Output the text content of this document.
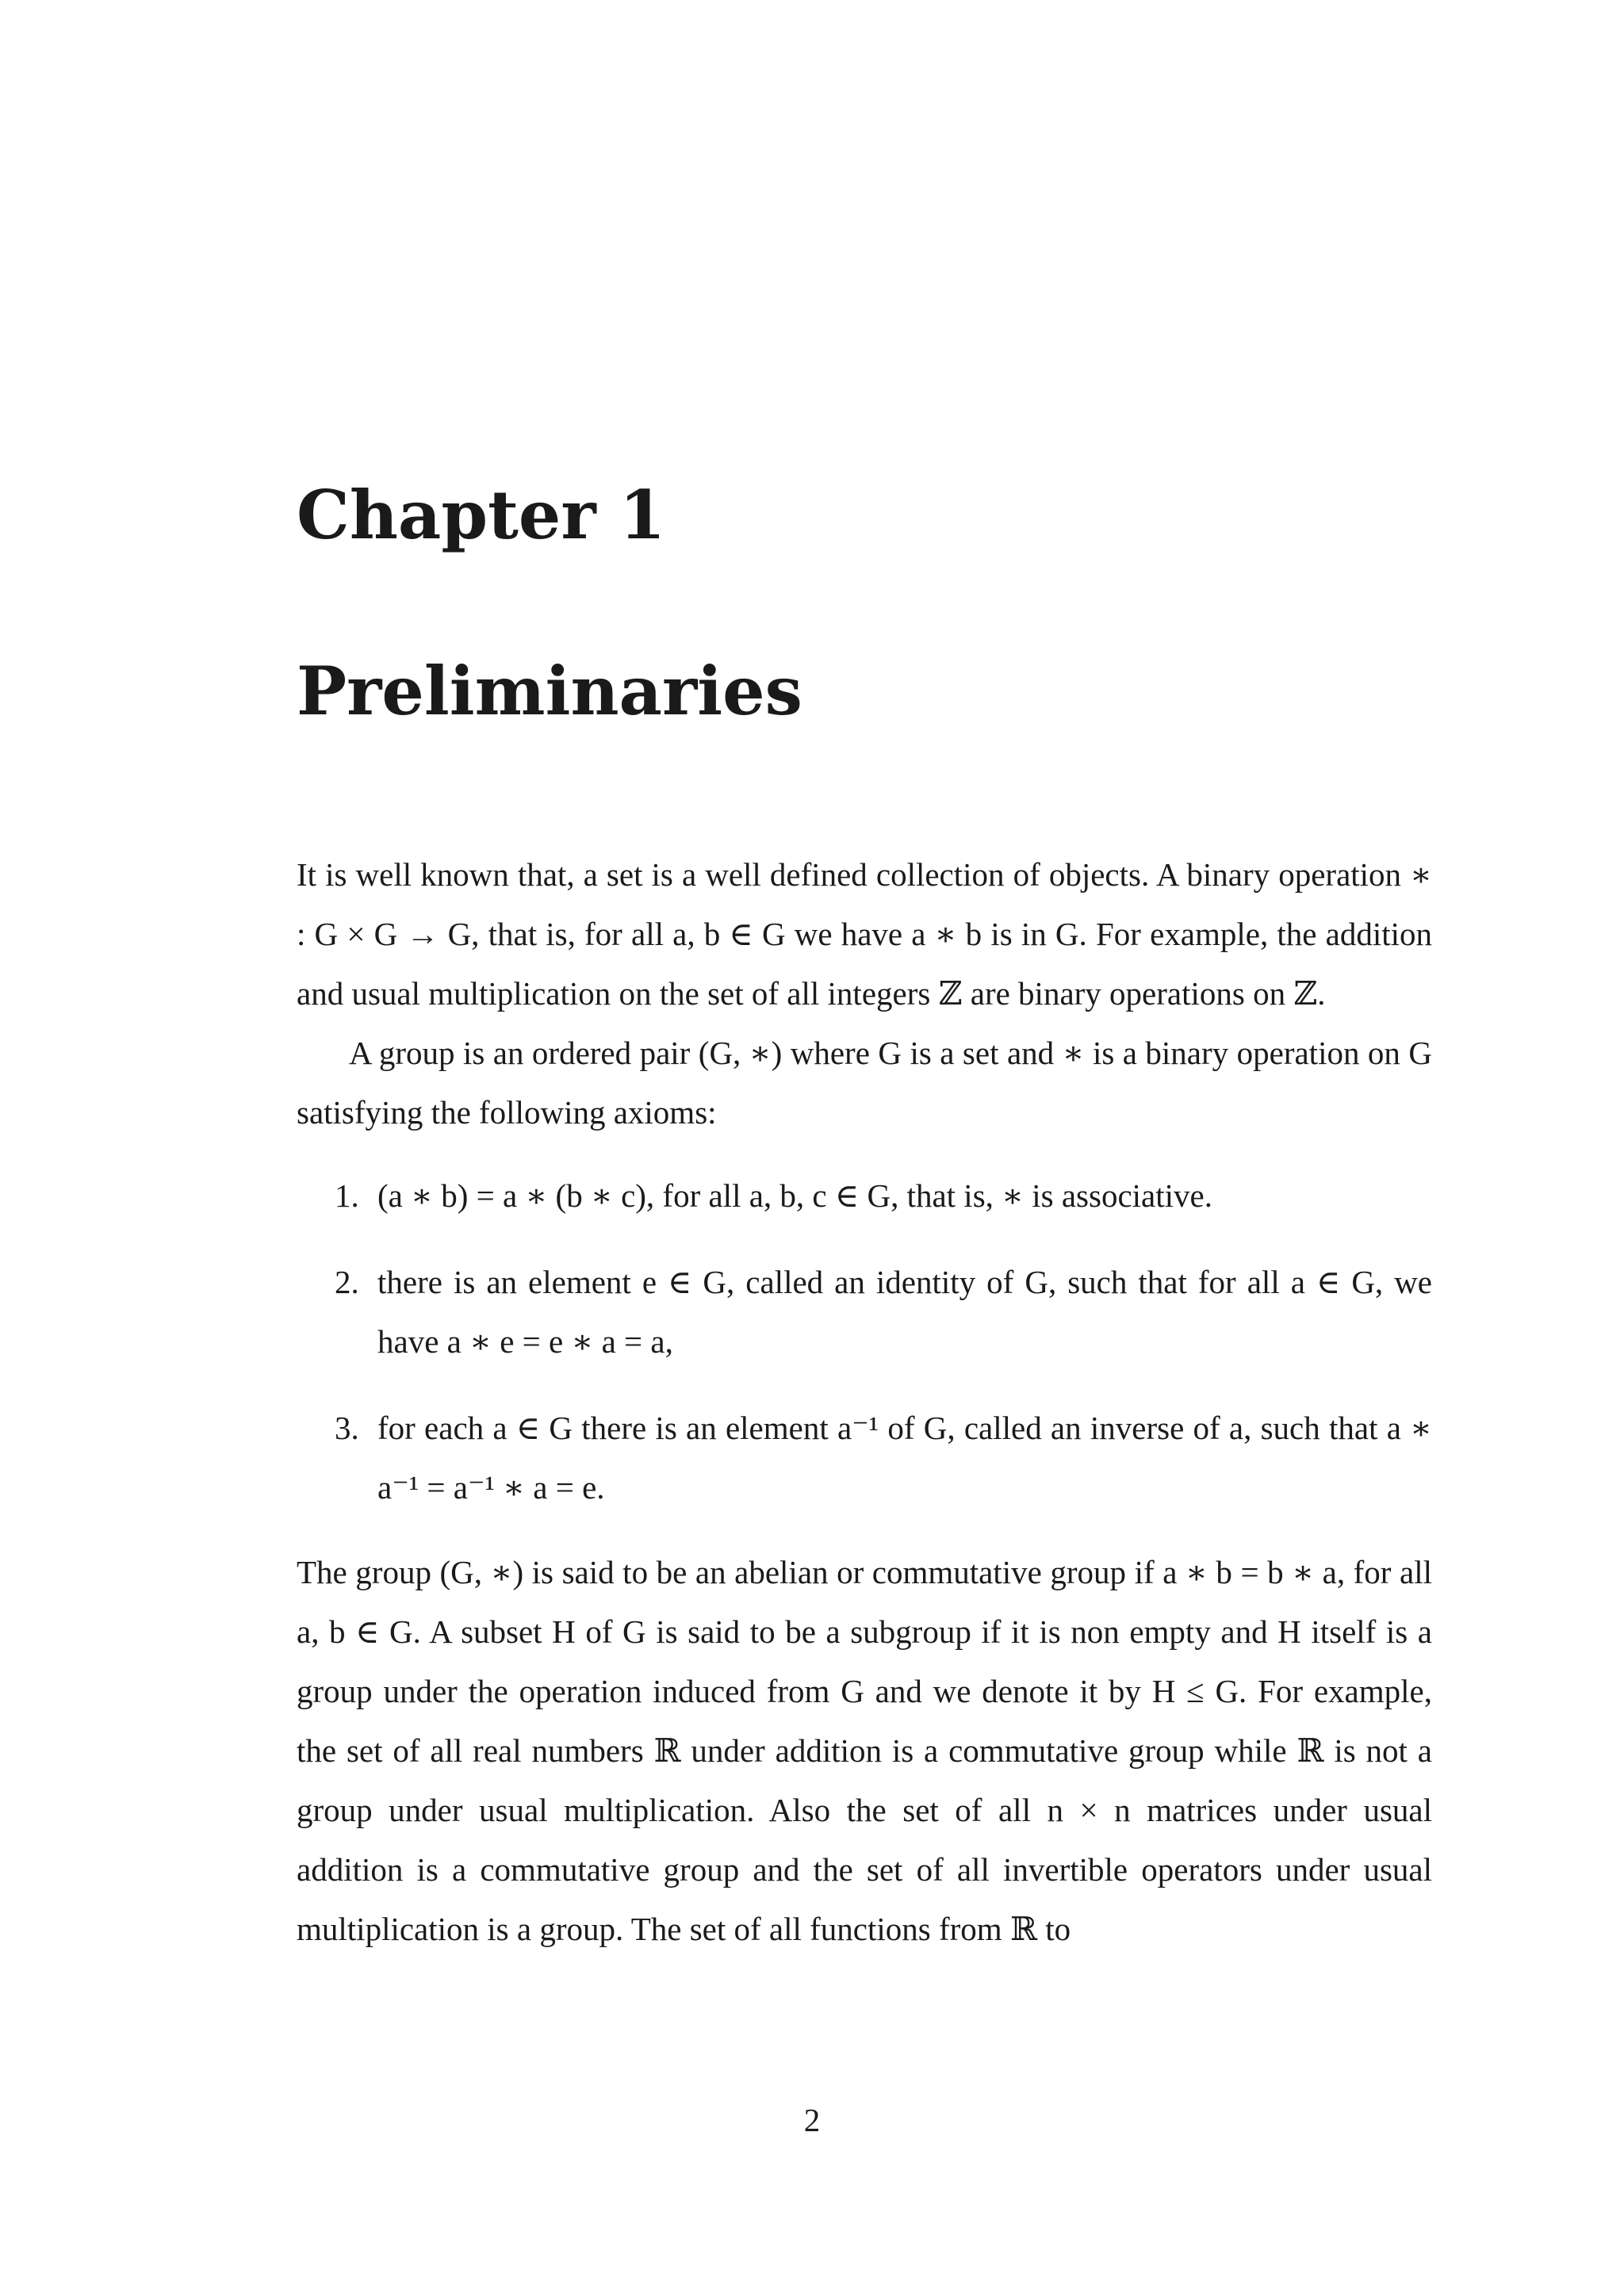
Chapter 1
Preliminaries

It is well known that, a set is a well defined collection of objects. A binary operation ∗ : G × G → G, that is, for all a, b ∈ G we have a ∗ b is in G. For example, the addition and usual multiplication on the set of all integers ℤ are binary operations on ℤ.

A group is an ordered pair (G, ∗) where G is a set and ∗ is a binary operation on G satisfying the following axioms:

1. (a ∗ b) = a ∗ (b ∗ c), for all a, b, c ∈ G, that is, ∗ is associative.
2. there is an element e ∈ G, called an identity of G, such that for all a ∈ G, we have a ∗ e = e ∗ a = a,
3. for each a ∈ G there is an element a⁻¹ of G, called an inverse of a, such that a ∗ a⁻¹ = a⁻¹ ∗ a = e.

The group (G, ∗) is said to be an abelian or commutative group if a ∗ b = b ∗ a, for all a, b ∈ G. A subset H of G is said to be a subgroup if it is non empty and H itself is a group under the operation induced from G and we denote it by H ≤ G. For example, the set of all real numbers ℝ under addition is a commutative group while ℝ is not a group under usual multiplication. Also the set of all n × n matrices under usual addition is a commutative group and the set of all invertible operators under usual multiplication is a group. The set of all functions from ℝ to

2
